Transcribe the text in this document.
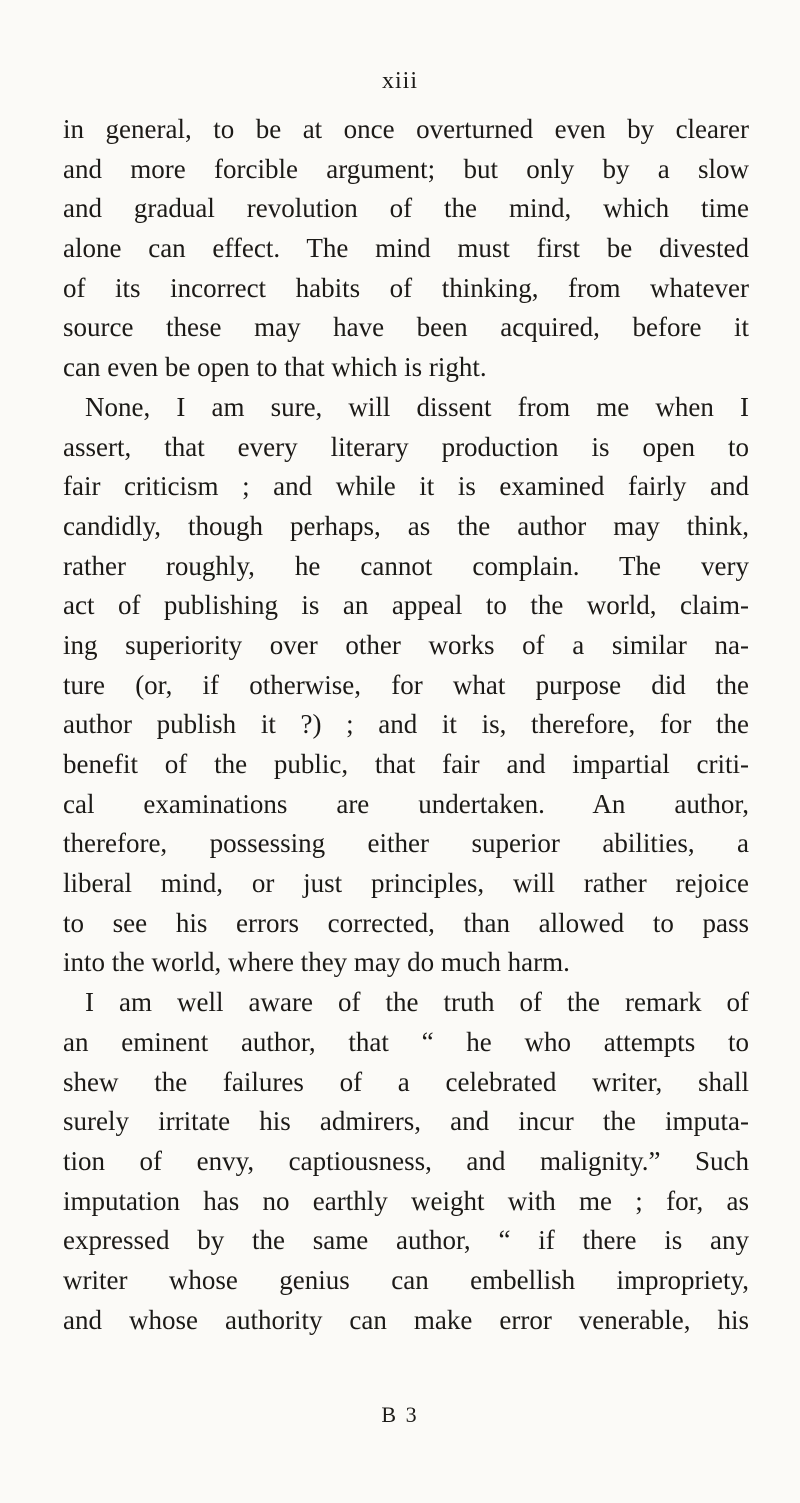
xiii
in general, to be at once overturned even by clearer
and more forcible argument; but only by a slow
and gradual revolution of the mind, which time
alone can effect. The mind must first be divested
of its incorrect habits of thinking, from whatever
source these may have been acquired, before it
can even be open to that which is right.
None, I am sure, will dissent from me when I
assert, that every literary production is open to
fair criticism ; and while it is examined fairly and
candidly, though perhaps, as the author may think,
rather roughly, he cannot complain. The very
act of publishing is an appeal to the world, claim-
ing superiority over other works of a similar na-
ture (or, if otherwise, for what purpose did the
author publish it ?) ; and it is, therefore, for the
benefit of the public, that fair and impartial criti-
cal examinations are undertaken. An author,
therefore, possessing either superior abilities, a
liberal mind, or just principles, will rather rejoice
to see his errors corrected, than allowed to pass
into the world, where they may do much harm.
I am well aware of the truth of the remark of
an eminent author, that “ he who attempts to
shew the failures of a celebrated writer, shall
surely irritate his admirers, and incur the imputa-
tion of envy, captiousness, and malignity.” Such
imputation has no earthly weight with me ; for, as
expressed by the same author, “ if there is any
writer whose genius can embellish impropriety,
and whose authority can make error venerable, his
B 3
